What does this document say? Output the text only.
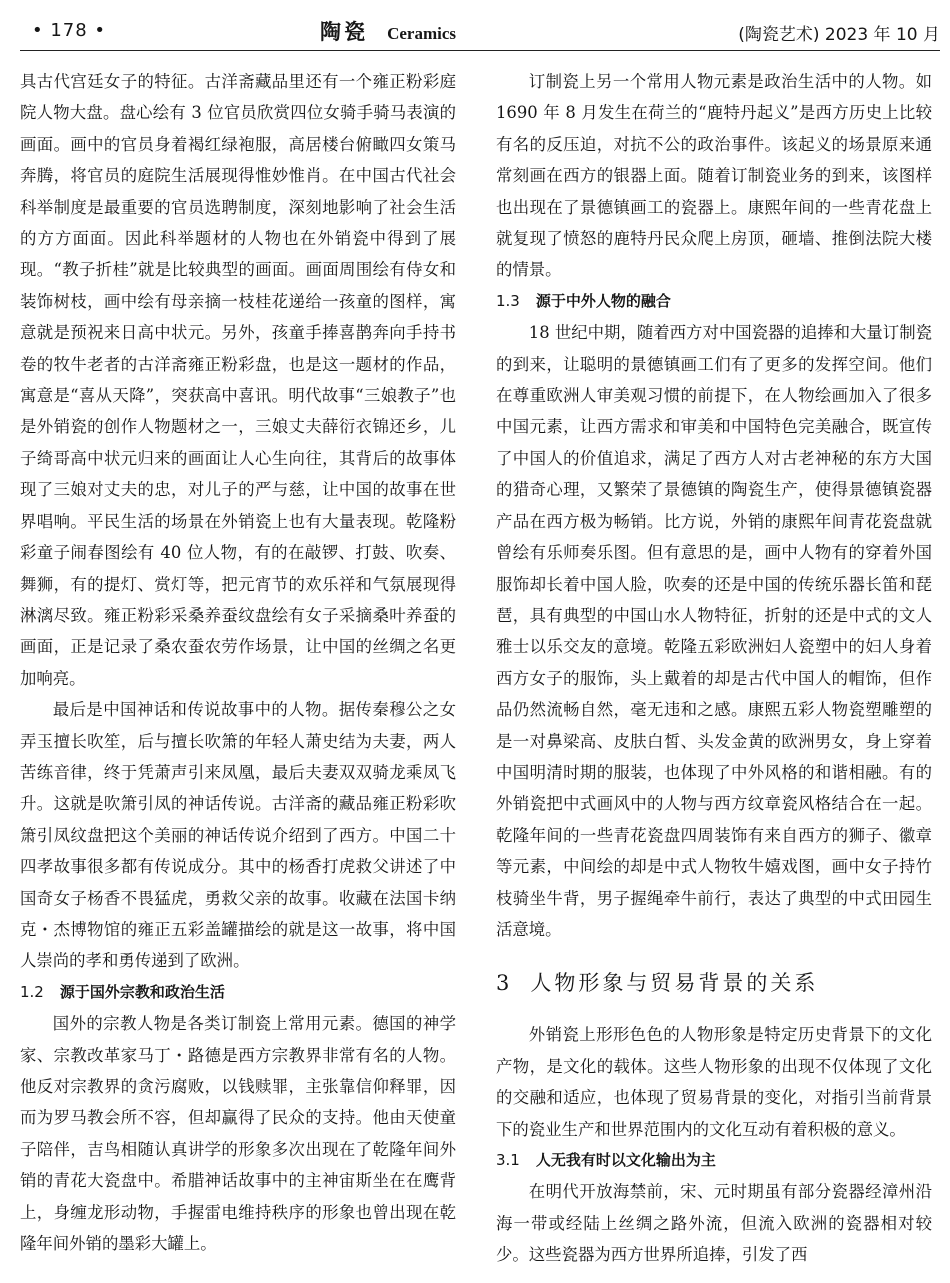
• 178 •	陶瓷 Ceramics	(陶瓷艺术) 2023 年 10 月

具古代宫廷女子的特征。古洋斋藏品里还有一个雍正粉彩庭院人物大盘。盘心绘有 3 位官员欣赏四位女骑手骑马表演的画面。画中的官员身着褐红绿袍服，高居楼台俯瞰四女策马奔腾，将官员的庭院生活展现得惟妙惟肖。在中国古代社会科举制度是最重要的官员选聘制度，深刻地影响了社会生活的方方面面。因此科举题材的人物也在外销瓷中得到了展现。“教子折桂”就是比较典型的画面。画面周围绘有侍女和装饰树枝，画中绘有母亲摘一枝桂花递给一孩童的图样，寓意就是预祝来日高中状元。另外，孩童手捧喜鹊奔向手持书卷的牧牛老者的古洋斋雍正粉彩盘，也是这一题材的作品，寓意是“喜从天降”，突获高中喜讯。明代故事“三娘教子”也是外销瓷的创作人物题材之一，三娘丈夫薛衍衣锦还乡，儿子绮哥高中状元归来的画面让人心生向往，其背后的故事体现了三娘对丈夫的忠，对儿子的严与慈，让中国的故事在世界唱响。平民生活的场景在外销瓷上也有大量表现。乾隆粉彩童子闹春图绘有 40 位人物，有的在敲锣、打鼓、吹奏、舞狮，有的提灯、赏灯等，把元宵节的欢乐祥和气氛展现得淋漓尽致。雍正粉彩采桑养蚕纹盘绘有女子采摘桑叶养蚕的画面，正是记录了桑农蚕农劳作场景，让中国的丝绸之名更加响亮。

最后是中国神话和传说故事中的人物。据传秦穆公之女弄玉擅长吹笙，后与擅长吹箫的年轻人萧史结为夫妻，两人苦练音律，终于凭萧声引来凤凰，最后夫妻双双骑龙乘凤飞升。这就是吹箫引凤的神话传说。古洋斋的藏品雍正粉彩吹箫引凤纹盘把这个美丽的神话传说介绍到了西方。中国二十四孝故事很多都有传说成分。其中的杨香打虎救父讲述了中国奇女子杨香不畏猛虎，勇救父亲的故事。收藏在法国卡纳克・杰博物馆的雍正五彩盖罐描绘的就是这一故事，将中国人崇尚的孝和勇传递到了欧洲。

1.2 源于国外宗教和政治生活

国外的宗教人物是各类订制瓷上常用元素。德国的神学家、宗教改革家马丁・路德是西方宗教界非常有名的人物。他反对宗教界的贪污腐败，以钱赎罪，主张靠信仰释罪，因而为罗马教会所不容，但却赢得了民众的支持。他由天使童子陪伴，吉鸟相随认真讲学的形象多次出现在了乾隆年间外销的青花大瓷盘中。希腊神话故事中的主神宙斯坐在在鹰背上，身缠龙形动物，手握雷电维持秩序的形象也曾出现在乾隆年间外销的墨彩大罐上。

订制瓷上另一个常用人物元素是政治生活中的人物。如 1690 年 8 月发生在荷兰的“鹿特丹起义”是西方历史上比较有名的反压迫，对抗不公的政治事件。该起义的场景原来通常刻画在西方的银器上面。随着订制瓷业务的到来，该图样也出现在了景德镇画工的瓷器上。康熙年间的一些青花盘上就复现了愤怒的鹿特丹民众爬上房顶，砸墙、推倒法院大楼的情景。

1.3 源于中外人物的融合

18 世纪中期，随着西方对中国瓷器的追捧和大量订制瓷的到来，让聪明的景德镇画工们有了更多的发挥空间。他们在尊重欧洲人审美观习惯的前提下，在人物绘画加入了很多中国元素，让西方需求和审美和中国特色完美融合，既宣传了中国人的价值追求，满足了西方人对古老神秘的东方大国的猎奇心理，又繁荣了景德镇的陶瓷生产，使得景德镇瓷器产品在西方极为畅销。比方说，外销的康熙年间青花瓷盘就曾绘有乐师奏乐图。但有意思的是，画中人物有的穿着外国服饰却长着中国人脸，吹奏的还是中国的传统乐器长笛和琵琶，具有典型的中国山水人物特征，折射的还是中式的文人雅士以乐交友的意境。乾隆五彩欧洲妇人瓷塑中的妇人身着西方女子的服饰，头上戴着的却是古代中国人的帽饰，但作品仍然流畅自然，毫无违和之感。康熙五彩人物瓷塑雕塑的是一对鼻梁高、皮肤白皙、头发金黄的欧洲男女，身上穿着中国明清时期的服装，也体现了中外风格的和谐相融。有的外销瓷把中式画风中的人物与西方纹章瓷风格结合在一起。乾隆年间的一些青花瓷盘四周装饰有来自西方的狮子、徽章等元素，中间绘的却是中式人物牧牛嬉戏图，画中女子持竹枝骑坐牛背，男子握绳牵牛前行，表达了典型的中式田园生活意境。

3 人物形象与贸易背景的关系

外销瓷上形形色色的人物形象是特定历史背景下的文化产物，是文化的载体。这些人物形象的出现不仅体现了文化的交融和适应，也体现了贸易背景的变化，对指引当前背景下的瓷业生产和世界范围内的文化互动有着积极的意义。

3.1 人无我有时以文化输出为主

在明代开放海禁前，宋、元时期虽有部分瓷器经漳州沿海一带或经陆上丝绸之路外流，但流入欧洲的瓷器相对较少。这些瓷器为西方世界所追捧，引发了西
